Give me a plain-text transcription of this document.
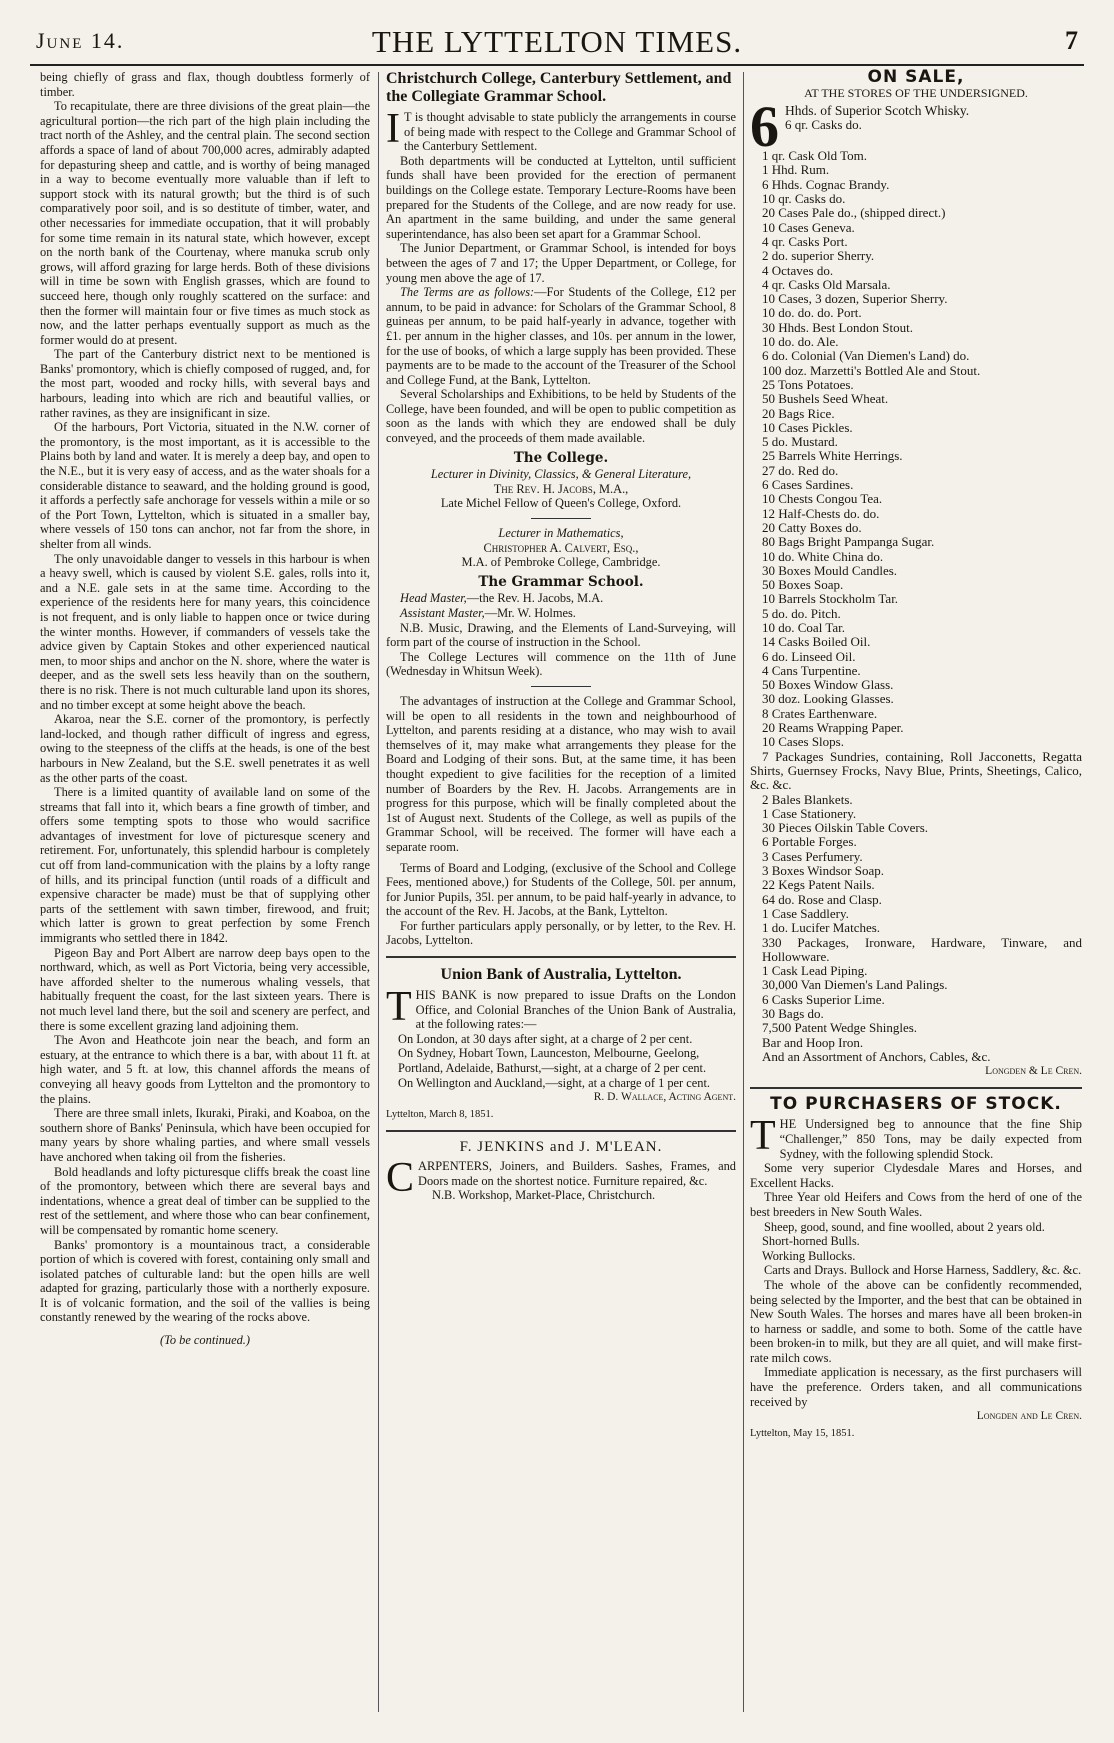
June 14.	THE LYTTELTON TIMES.	7

being chiefly of grass and flax, though doubtless formerly of timber.

To recapitulate, there are three divisions of the great plain—the agricultural portion—the rich part of the high plain including the tract north of the Ashley, and the central plain. The second section affords a space of land of about 700,000 acres, admirably adapted for depasturing sheep and cattle, and is worthy of being managed in a way to become eventually more valuable than if left to support stock with its natural growth; but the third is of such comparatively poor soil, and is so destitute of timber, water, and other necessaries for immediate occupation, that it will probably for some time remain in its natural state, which however, except on the north bank of the Courtenay, where manuka scrub only grows, will afford grazing for large herds. Both of these divisions will in time be sown with English grasses, which are found to succeed here, though only roughly scattered on the surface: and then the former will maintain four or five times as much stock as now, and the latter perhaps eventually support as much as the former would do at present.

The part of the Canterbury district next to be mentioned is Banks' promontory, which is chiefly composed of rugged, and, for the most part, wooded and rocky hills, with several bays and harbours, leading into which are rich and beautiful vallies, or rather ravines, as they are insignificant in size.

Of the harbours, Port Victoria, situated in the N.W. corner of the promontory, is the most important, as it is accessible to the Plains both by land and water. It is merely a deep bay, and open to the N.E., but it is very easy of access, and as the water shoals for a considerable distance to seaward, and the holding ground is good, it affords a perfectly safe anchorage for vessels within a mile or so of the Port Town, Lyttelton, which is situated in a smaller bay, where vessels of 150 tons can anchor, not far from the shore, in shelter from all winds.

The only unavoidable danger to vessels in this harbour is when a heavy swell, which is caused by violent S.E. gales, rolls into it, and a N.E. gale sets in at the same time. According to the experience of the residents here for many years, this coincidence is not frequent, and is only liable to happen once or twice during the winter months. However, if commanders of vessels take the advice given by Captain Stokes and other experienced nautical men, to moor ships and anchor on the N. shore, where the water is deeper, and as the swell sets less heavily than on the southern, there is no risk. There is not much culturable land upon its shores, and no timber except at some height above the beach.

Akaroa, near the S.E. corner of the promontory, is perfectly land-locked, and though rather difficult of ingress and egress, owing to the steepness of the cliffs at the heads, is one of the best harbours in New Zealand, but the S.E. swell penetrates it as well as the other parts of the coast.

There is a limited quantity of available land on some of the streams that fall into it, which bears a fine growth of timber, and offers some tempting spots to those who would sacrifice advantages of investment for love of picturesque scenery and retirement. For, unfortunately, this splendid harbour is completely cut off from land-communication with the plains by a lofty range of hills, and its principal function (until roads of a difficult and expensive character be made) must be that of supplying other parts of the settlement with sawn timber, firewood, and fruit; which latter is grown to great perfection by some French immigrants who settled there in 1842.

Pigeon Bay and Port Albert are narrow deep bays open to the northward, which, as well as Port Victoria, being very accessible, have afforded shelter to the numerous whaling vessels, that habitually frequent the coast, for the last sixteen years. There is not much level land there, but the soil and scenery are perfect, and there is some excellent grazing land adjoining them.

The Avon and Heathcote join near the beach, and form an estuary, at the entrance to which there is a bar, with about 11 ft. at high water, and 5 ft. at low, this channel affords the means of conveying all heavy goods from Lyttelton and the promontory to the plains.

There are three small inlets, Ikuraki, Piraki, and Koaboa, on the southern shore of Banks' Peninsula, which have been occupied for many years by shore whaling parties, and where small vessels have anchored when taking oil from the fisheries.

Bold headlands and lofty picturesque cliffs break the coast line of the promontory, between which there are several bays and indentations, whence a great deal of timber can be supplied to the rest of the settlement, and where those who can bear confinement, will be compensated by romantic home scenery.

Banks' promontory is a mountainous tract, a considerable portion of which is covered with forest, containing only small and isolated patches of culturable land: but the open hills are well adapted for grazing, particularly those with a northerly exposure. It is of volcanic formation, and the soil of the vallies is being constantly renewed by the wearing of the rocks above.

(To be continued.)
Christchurch College, Canterbury Settlement, and the Collegiate Grammar School.
I T is thought advisable to state publicly the arrangements in course of being made with respect to the College and Grammar School of the Canterbury Settlement.

Both departments will be conducted at Lyttelton, until sufficient funds shall have been provided for the erection of permanent buildings on the College estate. Temporary Lecture-Rooms have been prepared for the Students of the College, and are now ready for use. An apartment in the same building, and under the same general superintendance, has also been set apart for a Grammar School.

The Junior Department, or Grammar School, is intended for boys between the ages of 7 and 17; the Upper Department, or College, for young men above the age of 17.

The Terms are as follows:—For Students of the College, £12 per annum, to be paid in advance: for Scholars of the Grammar School, 8 guineas per annum, to be paid half-yearly in advance, together with £1. per annum in the higher classes, and 10s. per annum in the lower, for the use of books, of which a large supply has been provided. These payments are to be made to the account of the Treasurer of the School and College Fund, at the Bank, Lyttelton.

Several Scholarships and Exhibitions, to be held by Students of the College, have been founded, and will be open to public competition as soon as the lands with which they are endowed shall be duly conveyed, and the proceeds of them made available.

The College.
Lecturer in Divinity, Classics, & General Literature,
The Rev. H. Jacobs, M.A.,
Late Michel Fellow of Queen's College, Oxford.
Lecturer in Mathematics,
Christopher A. Calvert, Esq.,
M.A. of Pembroke College, Cambridge.
The Grammar School.

Head Master,—the Rev. H. Jacobs, M.A.

Assistant Master,—Mr. W. Holmes.

N.B. Music, Drawing, and the Elements of Land-Surveying, will form part of the course of instruction in the School.

The College Lectures will commence on the 11th of June (Wednesday in Whitsun Week).

The advantages of instruction at the College and Grammar School, will be open to all residents in the town and neighbourhood of Lyttelton, and parents residing at a distance, who may wish to avail themselves of it, may make what arrangements they please for the Board and Lodging of their sons. But, at the same time, it has been thought expedient to give facilities for the reception of a limited number of Boarders by the Rev. H. Jacobs. Arrangements are in progress for this purpose, which will be finally completed about the 1st of August next. Students of the College, as well as pupils of the Grammar School, will be received. The former will have each a separate room.

Terms of Board and Lodging, (exclusive of the School and College Fees, mentioned above,) for Students of the College, 50l. per annum, for Junior Pupils, 35l. per annum, to be paid half-yearly in advance, to the account of the Rev. H. Jacobs, at the Bank, Lyttelton.

For further particulars apply personally, or by letter, to the Rev. H. Jacobs, Lyttelton.

Union Bank of Australia, Lyttelton.
T HIS BANK is now prepared to issue Drafts on the London Office, and Colonial Branches of the Union Bank of Australia, at the following rates:—

On London, at 30 days after sight, at a charge of 2 per cent.

On Sydney, Hobart Town, Launceston, Melbourne, Geelong, Portland, Adelaide, Bathurst,—sight, at a charge of 2 per cent.

On Wellington and Auckland,—sight, at a charge of 1 per cent.

R. D. Wallace, Acting Agent.
Lyttelton, March 8, 1851.
F. JENKINS and J. M'LEAN.
C ARPENTERS, Joiners, and Builders. Sashes, Frames, and Doors made on the shortest notice. Furniture repaired, &c.

N.B. Workshop, Market-Place, Christchurch.

ON SALE,
AT THE STORES OF THE UNDERSIGNED.
6 Hhds. of Superior Scotch Whisky.
6 qr. Casks do.
1 qr. Cask Old Tom.
1 Hhd. Rum.
6 Hhds. Cognac Brandy.
10 qr. Casks do.
20 Cases Pale do., (shipped direct.)
10 Cases Geneva.
4 qr. Casks Port.
2 do. superior Sherry.
4 Octaves do.
4 qr. Casks Old Marsala.
10 Cases, 3 dozen, Superior Sherry.
10 do. do. do. Port.
30 Hhds. Best London Stout.
10 do. do. Ale.
6 do. Colonial (Van Diemen's Land) do.
100 doz. Marzetti's Bottled Ale and Stout.
25 Tons Potatoes.
50 Bushels Seed Wheat.
20 Bags Rice.
10 Cases Pickles.
5 do. Mustard.
25 Barrels White Herrings.
27 do. Red do.
6 Cases Sardines.
10 Chests Congou Tea.
12 Half-Chests do. do.
20 Catty Boxes do.
80 Bags Bright Pampanga Sugar.
10 do. White China do.
30 Boxes Mould Candles.
50 Boxes Soap.
10 Barrels Stockholm Tar.
5 do. do. Pitch.
10 do. Coal Tar.
14 Casks Boiled Oil.
6 do. Linseed Oil.
4 Cans Turpentine.
50 Boxes Window Glass.
30 doz. Looking Glasses.
8 Crates Earthenware.
20 Reams Wrapping Paper.
10 Cases Slops.

7 Packages Sundries, containing, Roll Jacconetts, Regatta Shirts, Guernsey Frocks, Navy Blue, Prints, Sheetings, Calico, &c. &c.

2 Bales Blankets.
1 Case Stationery.
30 Pieces Oilskin Table Covers.
6 Portable Forges.
3 Cases Perfumery.
3 Boxes Windsor Soap.
22 Kegs Patent Nails.
64 do. Rose and Clasp.
1 Case Saddlery.
1 do. Lucifer Matches.

330 Packages, Ironware, Hardware, Tinware, and Hollowware.

1 Cask Lead Piping.
30,000 Van Diemen's Land Palings.
6 Casks Superior Lime.
30 Bags do.
7,500 Patent Wedge Shingles.
Bar and Hoop Iron.
And an Assortment of Anchors, Cables, &c.
Longden & Le Cren.
TO PURCHASERS OF STOCK.
T HE Undersigned beg to announce that the fine Ship “Challenger,” 850 Tons, may be daily expected from Sydney, with the following splendid Stock.

Some very superior Clydesdale Mares and Horses, and Excellent Hacks.

Three Year old Heifers and Cows from the herd of one of the best breeders in New South Wales.

Sheep, good, sound, and fine woolled, about 2 years old.

Short-horned Bulls.

Working Bullocks.

Carts and Drays. Bullock and Horse Harness, Saddlery, &c. &c.

The whole of the above can be confidently recommended, being selected by the Importer, and the best that can be obtained in New South Wales. The horses and mares have all been broken-in to harness or saddle, and some to both. Some of the cattle have been broken-in to milk, but they are all quiet, and will make first-rate milch cows.

Immediate application is necessary, as the first purchasers will have the preference. Orders taken, and all communications received by

Longden and Le Cren.
Lyttelton, May 15, 1851.
